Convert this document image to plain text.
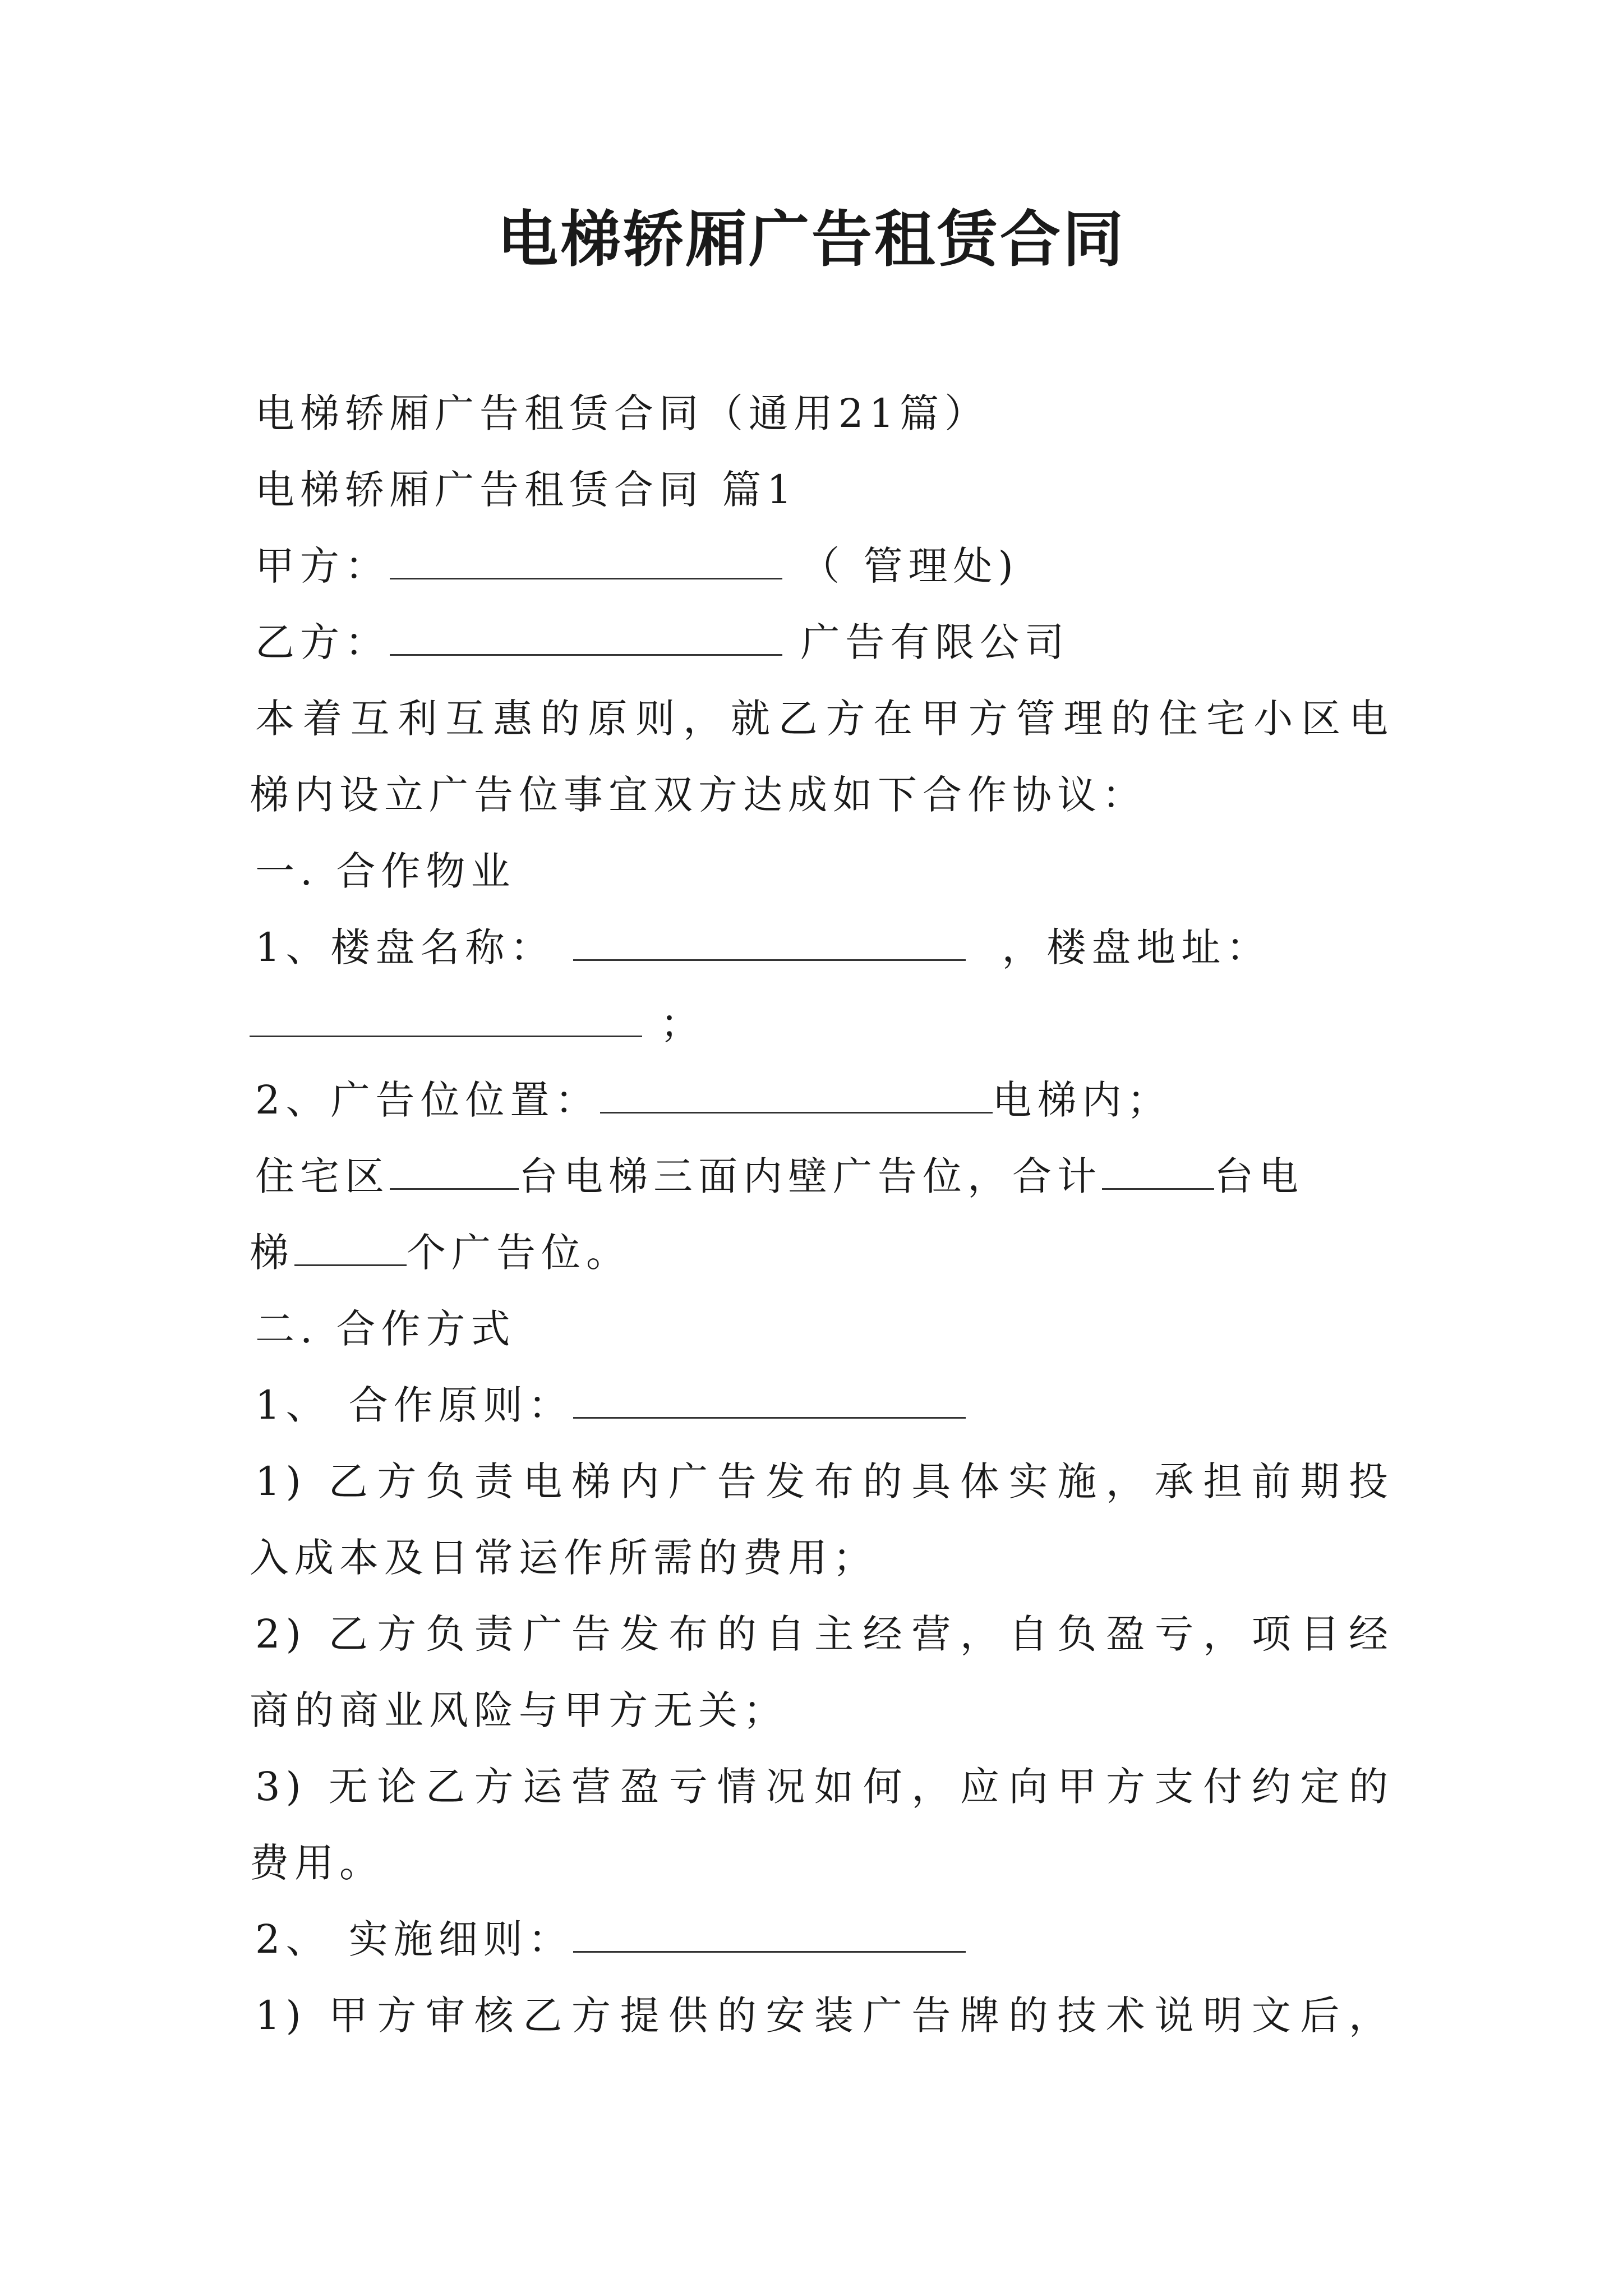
电梯轿厢广告租赁合同

电梯轿厢广告租赁合同（通用21篇）

电梯轿厢广告租赁合同 篇1

甲方：	（ 管理处)

乙方：	广告有限公司

本着互利互惠的原则，就乙方在甲方管理的住宅小区电

梯内设立广告位事宜双方达成如下合作协议：

一. 合作物业

1、楼盘名称：	，楼盘地址：

；

2、广告位位置：	电梯内；

住宅区	台电梯三面内壁广告位，合计	台电

梯	个广告位。

二. 合作方式

1、 合作原则：

1) 乙方负责电梯内广告发布的具体实施，承担前期投

入成本及日常运作所需的费用；

2) 乙方负责广告发布的自主经营，自负盈亏，项目经

商的商业风险与甲方无关；

3) 无论乙方运营盈亏情况如何，应向甲方支付约定的

费用。

2、 实施细则：

1) 甲方审核乙方提供的安装广告牌的技术说明文后，
